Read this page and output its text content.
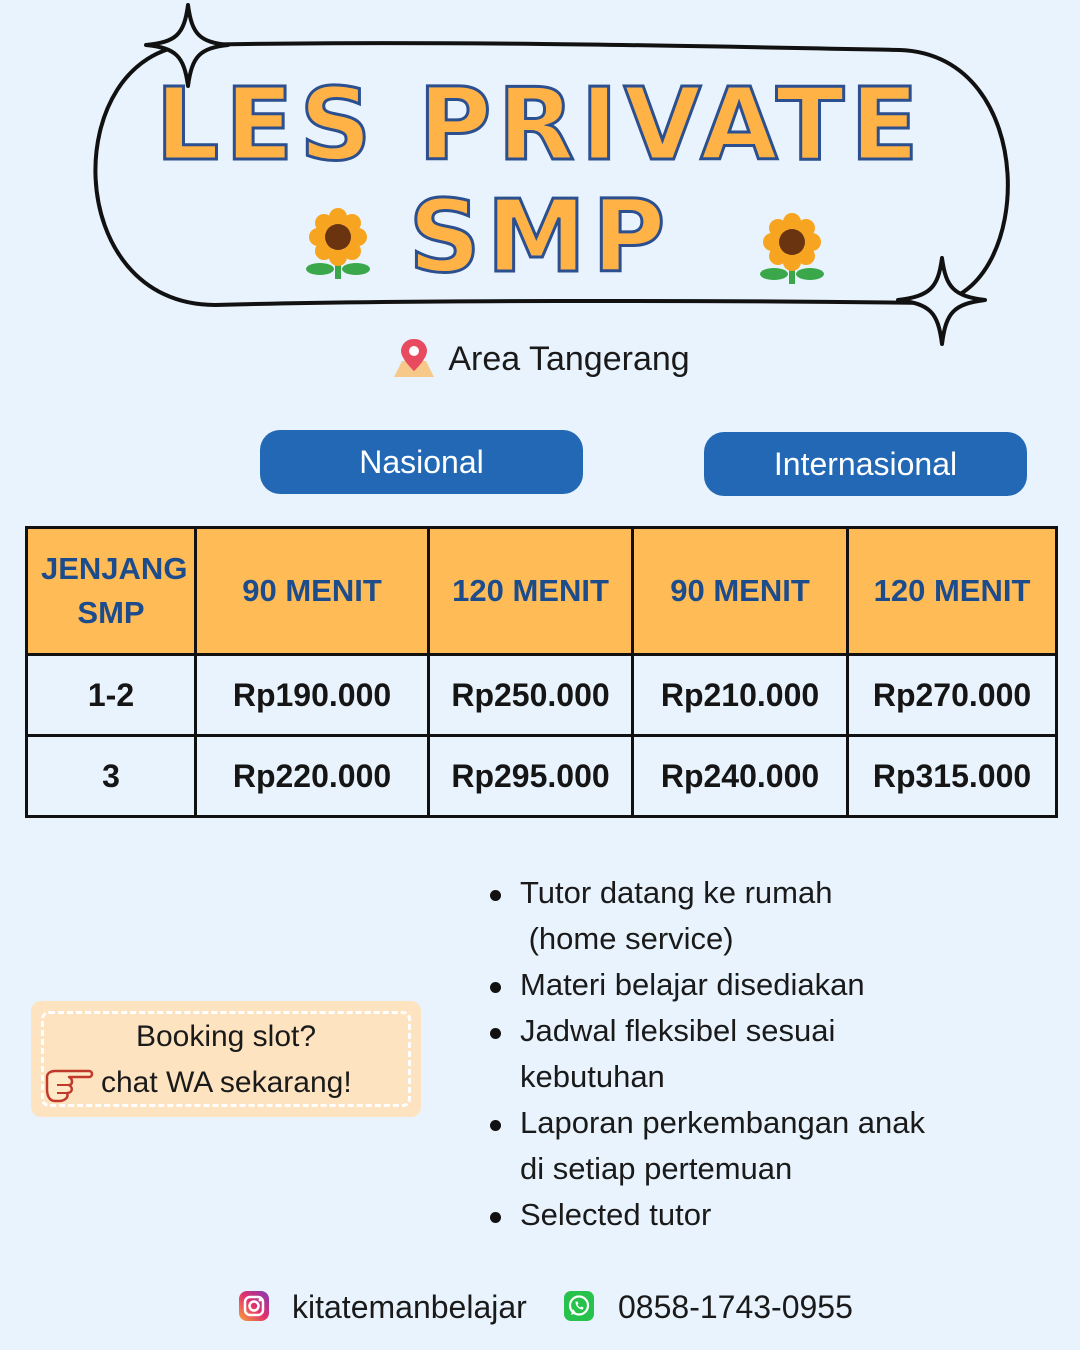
LES PRIVATE
SMP
Area Tangerang
Nasional	Internasional
JENJANG SMP	90 MENIT	120 MENIT	90 MENIT	120 MENIT
1-2	Rp190.000	Rp250.000	Rp210.000	Rp270.000
3	Rp220.000	Rp295.000	Rp240.000	Rp315.000
Tutor datang ke rumah
(home service)
Materi belajar disediakan
Jadwal fleksibel sesuai
kebutuhan
Laporan perkembangan anak
di setiap pertemuan
Selected tutor
Booking slot?
chat WA sekarang!
kitatemanbelajar	0858-1743-0955
